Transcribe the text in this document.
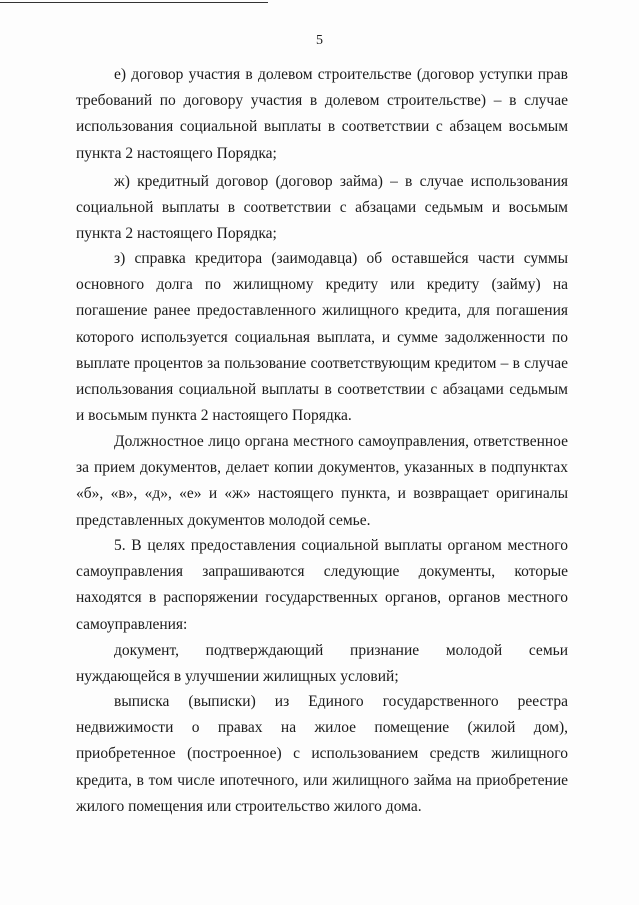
5

е) договор участия в долевом строительстве (договор уступки прав требований по договору участия в долевом строительстве) – в случае использования социальной выплаты в соответствии с абзацем восьмым пункта 2 настоящего Порядка;

ж) кредитный договор (договор займа) – в случае использования социальной выплаты в соответствии с абзацами седьмым и восьмым пункта 2 настоящего Порядка;

з) справка кредитора (заимодавца) об оставшейся части суммы основного долга по жилищному кредиту или кредиту (займу) на погашение ранее предоставленного жилищного кредита, для погашения которого используется социальная выплата, и сумме задолженности по выплате процентов за пользование соответствующим кредитом – в случае использования социальной выплаты в соответствии с абзацами седьмым и восьмым пункта 2 настоящего Порядка.

Должностное лицо органа местного самоуправления, ответственное за прием документов, делает копии документов, указанных в подпунктах «б», «в», «д», «е» и «ж» настоящего пункта, и возвращает оригиналы представленных документов молодой семье.

5. В целях предоставления социальной выплаты органом местного самоуправления запрашиваются следующие документы, которые находятся в распоряжении государственных органов, органов местного самоуправления:

документ, подтверждающий признание молодой семьи нуждающейся в улучшении жилищных условий;

выписка (выписки) из Единого государственного реестра недвижимости о правах на жилое помещение (жилой дом), приобретенное (построенное) с использованием средств жилищного кредита, в том числе ипотечного, или жилищного займа на приобретение жилого помещения или строительство жилого дома.
